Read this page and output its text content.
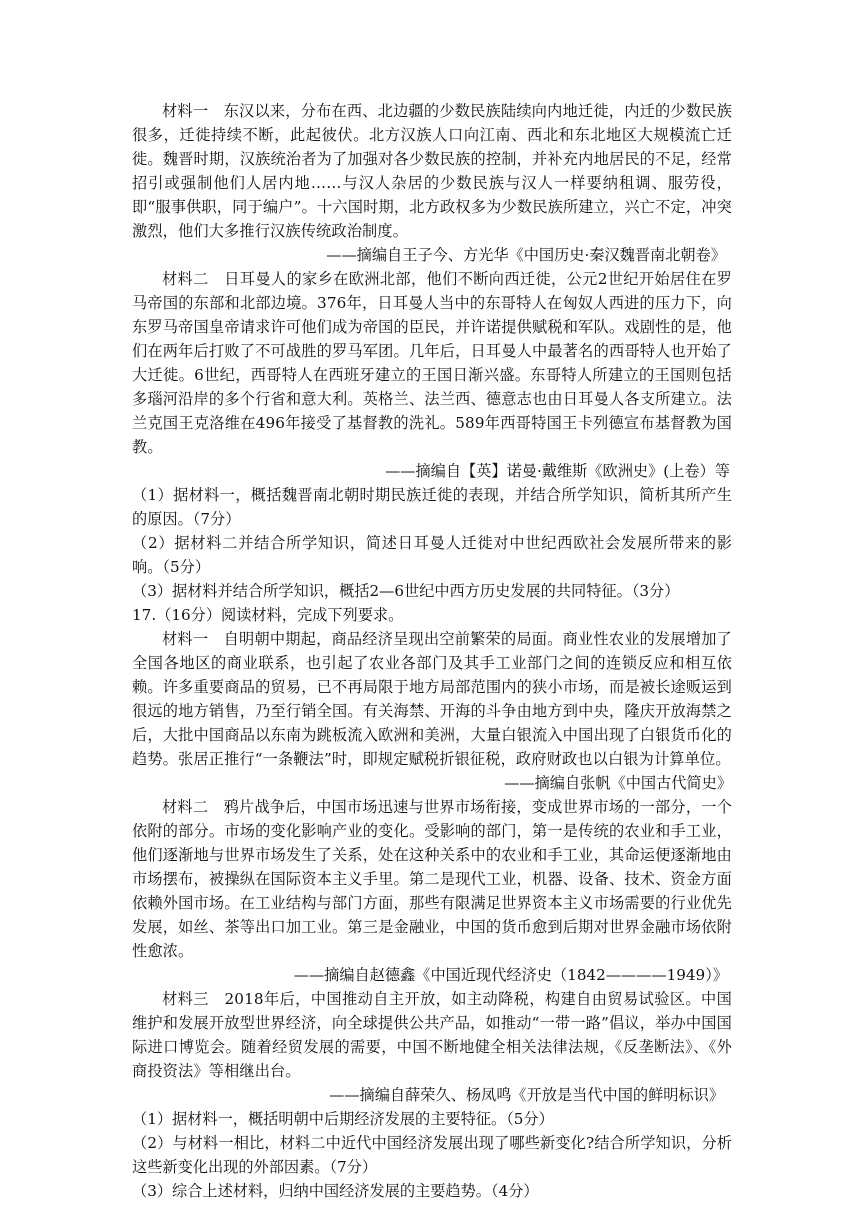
材料一　东汉以来，分布在西、北边疆的少数民族陆续向内地迁徙，内迁的少数民族很多，迁徙持续不断，此起彼伏。北方汉族人口向江南、西北和东北地区大规模流亡迁徙。魏晋时期，汉族统治者为了加强对各少数民族的控制，并补充内地居民的不足，经常招引或强制他们人居内地……与汉人杂居的少数民族与汉人一样要纳租调、服劳役，即“服事供职，同于编户”。十六国时期，北方政权多为少数民族所建立，兴亡不定，冲突激烈，他们大多推行汉族传统政治制度。

——摘编自王子今、方光华《中国历史·秦汉魏晋南北朝卷》

材料二　日耳曼人的家乡在欧洲北部，他们不断向西迁徙，公元2世纪开始居住在罗马帝国的东部和北部边境。376年，日耳曼人当中的东哥特人在匈奴人西进的压力下，向东罗马帝国皇帝请求许可他们成为帝国的臣民，并许诺提供赋税和军队。戏剧性的是，他们在两年后打败了不可战胜的罗马军团。几年后，日耳曼人中最著名的西哥特人也开始了大迁徙。6世纪，西哥特人在西班牙建立的王国日渐兴盛。东哥特人所建立的王国则包括多瑙河沿岸的多个行省和意大利。英格兰、法兰西、德意志也由日耳曼人各支所建立。法兰克国王克洛维在496年接受了基督教的洗礼。589年西哥特国王卡列德宣布基督教为国教。

——摘编自【英】诺曼·戴维斯《欧洲史》(上卷）等

（1）据材料一，概括魏晋南北朝时期民族迁徙的表现，并结合所学知识，简析其所产生的原因。（7分）

（2）据材料二并结合所学知识，简述日耳曼人迁徙对中世纪西欧社会发展所带来的影响。（5分）

（3）据材料并结合所学知识，概括2—6世纪中西方历史发展的共同特征。（3分）

17.（16分）阅读材料，完成下列要求。

材料一　自明朝中期起，商品经济呈现出空前繁荣的局面。商业性农业的发展增加了全国各地区的商业联系，也引起了农业各部门及其手工业部门之间的连锁反应和相互依赖。许多重要商品的贸易，已不再局限于地方局部范围内的狭小市场，而是被长途贩运到很远的地方销售，乃至行销全国。有关海禁、开海的斗争由地方到中央，隆庆开放海禁之后，大批中国商品以东南为跳板流入欧洲和美洲，大量白银流入中国出现了白银货币化的趋势。张居正推行“一条鞭法”时，即规定赋税折银征税，政府财政也以白银为计算单位。

——摘编自张帆《中国古代简史》

材料二　鸦片战争后，中国市场迅速与世界市场衔接，变成世界市场的一部分，一个依附的部分。市场的变化影响产业的变化。受影响的部门，第一是传统的农业和手工业，他们逐渐地与世界市场发生了关系，处在这种关系中的农业和手工业，其命运便逐渐地由市场摆布，被操纵在国际资本主义手里。第二是现代工业，机器、设备、技术、资金方面依赖外国市场。在工业结构与部门方面，那些有限满足世界资本主义市场需要的行业优先发展，如丝、茶等出口加工业。第三是金融业，中国的货币愈到后期对世界金融市场依附性愈浓。

——摘编自赵德鑫《中国近现代经济史（1842————1949）》

材料三　2018年后，中国推动自主开放，如主动降税，构建自由贸易试验区。中国维护和发展开放型世界经济，向全球提供公共产品，如推动“一带一路”倡议，举办中国国际进口博览会。随着经贸发展的需要，中国不断地健全相关法律法规，《反垄断法》、《外商投资法》等相继出台。

——摘编自薛荣久、杨凤鸣《开放是当代中国的鲜明标识》

（1）据材料一，概括明朝中后期经济发展的主要特征。（5分）

（2）与材料一相比，材料二中近代中国经济发展出现了哪些新变化?结合所学知识，分析这些新变化出现的外部因素。（7分）

（3）综合上述材料，归纳中国经济发展的主要趋势。（4分）
